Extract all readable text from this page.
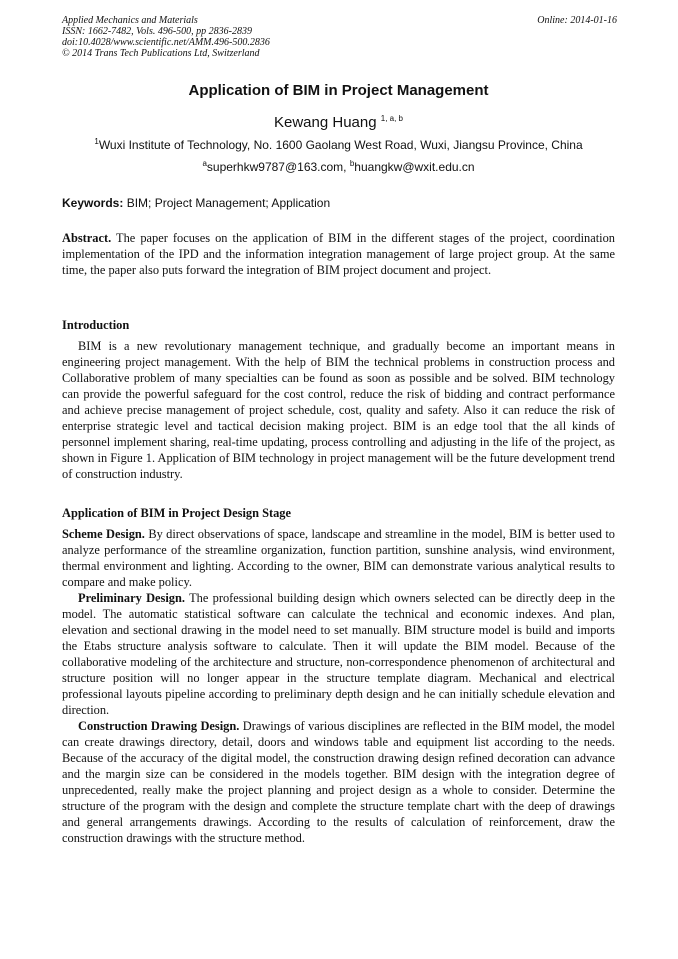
Applied Mechanics and Materials	Online: 2014-01-16
ISSN: 1662-7482, Vols. 496-500, pp 2836-2839
doi:10.4028/www.scientific.net/AMM.496-500.2836
© 2014 Trans Tech Publications Ltd, Switzerland
Application of BIM in Project Management
Kewang Huang $^{1, a, b}$
$^1$Wuxi Institute of Technology, No. 1600 Gaolang West Road, Wuxi, Jiangsu Province, China
$^a$superhkw9787@163.com, $^b$huangkw@wxit.edu.cn
Keywords: BIM; Project Management; Application
Abstract. The paper focuses on the application of BIM in the different stages of the project, coordination implementation of the IPD and the information integration management of large project group. At the same time, the paper also puts forward the integration of BIM project document and project.
Introduction
BIM is a new revolutionary management technique, and gradually become an important means in engineering project management. With the help of BIM the technical problems in construction process and Collaborative problem of many specialties can be found as soon as possible and be solved. BIM technology can provide the powerful safeguard for the cost control, reduce the risk of bidding and contract performance and achieve precise management of project schedule, cost, quality and safety. Also it can reduce the risk of enterprise strategic level and tactical decision making project. BIM is an edge tool that the all kinds of personnel implement sharing, real-time updating, process controlling and adjusting in the life of the project, as shown in Figure 1. Application of BIM technology in project management will be the future development trend of construction industry.
Application of BIM in Project Design Stage

Scheme Design. By direct observations of space, landscape and streamline in the model, BIM is better used to analyze performance of the streamline organization, function partition, sunshine analysis, wind environment, thermal environment and lighting. According to the owner, BIM can demonstrate various analytical results to compare and make policy.

Preliminary Design. The professional building design which owners selected can be directly deep in the model. The automatic statistical software can calculate the technical and economic indexes. And plan, elevation and sectional drawing in the model need to set manually. BIM structure model is build and imports the Etabs structure analysis software to calculate. Then it will update the BIM model. Because of the collaborative modeling of the architecture and structure, non-correspondence phenomenon of architectural and structure position will no longer appear in the structure template diagram. Mechanical and electrical professional layouts pipeline according to preliminary depth design and he can initially schedule elevation and direction.

Construction Drawing Design. Drawings of various disciplines are reflected in the BIM model, the model can create drawings directory, detail, doors and windows table and equipment list according to the needs. Because of the accuracy of the digital model, the construction drawing design refined decoration can advance and the margin size can be considered in the models together. BIM design with the integration degree of unprecedented, really make the project planning and project design as a whole to consider. Determine the structure of the program with the design and complete the structure template chart with the deep of drawings and general arrangements drawings. According to the results of calculation of reinforcement, draw the construction drawings with the structure method.
